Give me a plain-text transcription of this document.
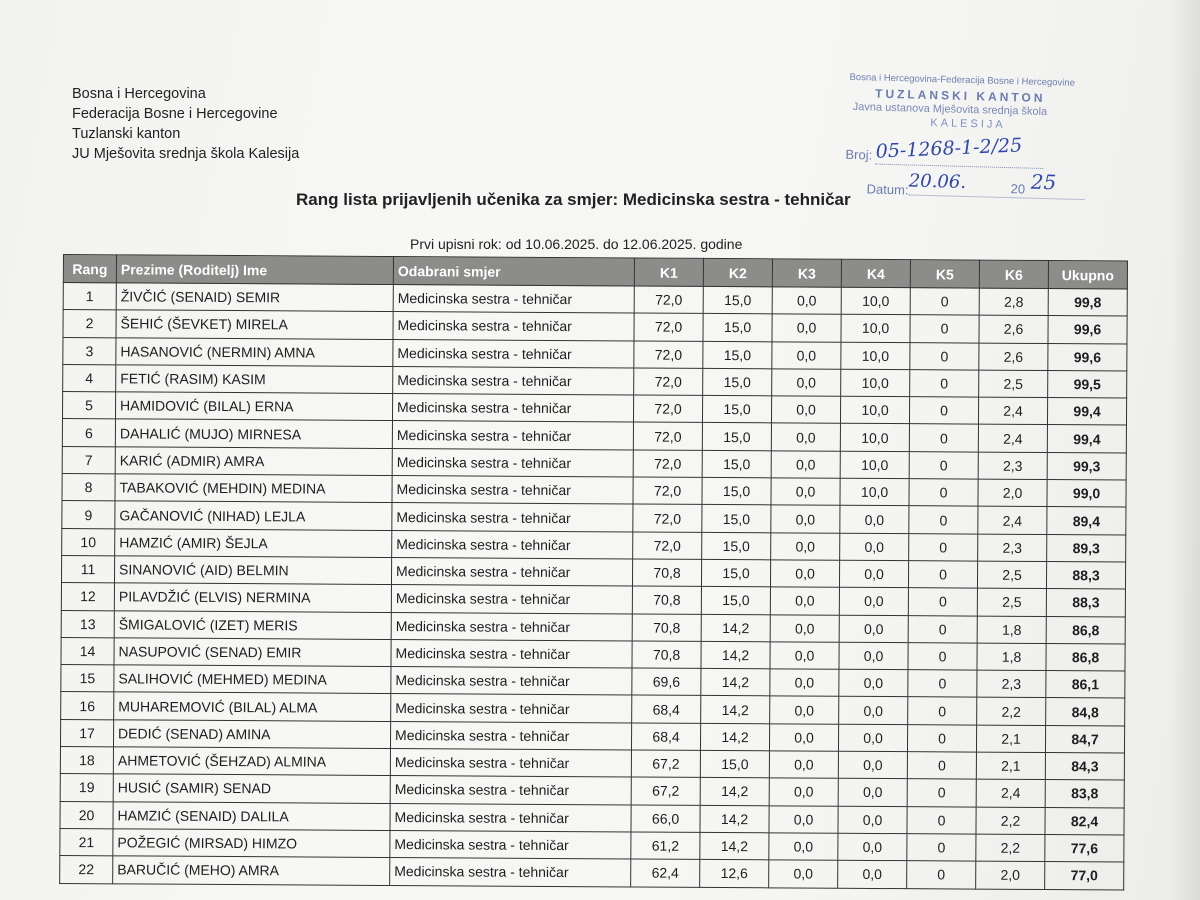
Bosna i Hercegovina
Federacija Bosne i Hercegovine
Tuzlanski kanton
JU Mješovita srednja škola Kalesija
Bosna i Hercegovina-Federacija Bosne i Hercegovine
TUZLANSKI KANTON
Javna ustanova Mješovita srednja škola
KALESIJA
Broj: 05-1268-1-2/25
Datum: 20.06.	20 25
Rang lista prijavljenih učenika za smjer: Medicinska sestra - tehničar
Prvi upisni rok: od 10.06.2025. do 12.06.2025. godine
Rang	Prezime (Roditelj) Ime	Odabrani smjer	K1	K2	K3	K4	K5	K6	Ukupno
1	ŽIVČIĆ (SENAID) SEMIR	Medicinska sestra - tehničar	72,0	15,0	0,0	10,0	0	2,8	99,8
2	ŠEHIĆ (ŠEVKET) MIRELA	Medicinska sestra - tehničar	72,0	15,0	0,0	10,0	0	2,6	99,6
3	HASANOVIĆ (NERMIN) AMNA	Medicinska sestra - tehničar	72,0	15,0	0,0	10,0	0	2,6	99,6
4	FETIĆ (RASIM) KASIM	Medicinska sestra - tehničar	72,0	15,0	0,0	10,0	0	2,5	99,5
5	HAMIDOVIĆ (BILAL) ERNA	Medicinska sestra - tehničar	72,0	15,0	0,0	10,0	0	2,4	99,4
6	DAHALIĆ (MUJO) MIRNESA	Medicinska sestra - tehničar	72,0	15,0	0,0	10,0	0	2,4	99,4
7	KARIĆ (ADMIR) AMRA	Medicinska sestra - tehničar	72,0	15,0	0,0	10,0	0	2,3	99,3
8	TABAKOVIĆ (MEHDIN) MEDINA	Medicinska sestra - tehničar	72,0	15,0	0,0	10,0	0	2,0	99,0
9	GAČANOVIĆ (NIHAD) LEJLA	Medicinska sestra - tehničar	72,0	15,0	0,0	0,0	0	2,4	89,4
10	HAMZIĆ (AMIR) ŠEJLA	Medicinska sestra - tehničar	72,0	15,0	0,0	0,0	0	2,3	89,3
11	SINANOVIĆ (AID) BELMIN	Medicinska sestra - tehničar	70,8	15,0	0,0	0,0	0	2,5	88,3
12	PILAVDŽIĆ (ELVIS) NERMINA	Medicinska sestra - tehničar	70,8	15,0	0,0	0,0	0	2,5	88,3
13	ŠMIGALOVIĆ (IZET) MERIS	Medicinska sestra - tehničar	70,8	14,2	0,0	0,0	0	1,8	86,8
14	NASUPOVIĆ (SENAD) EMIR	Medicinska sestra - tehničar	70,8	14,2	0,0	0,0	0	1,8	86,8
15	SALIHOVIĆ (MEHMED) MEDINA	Medicinska sestra - tehničar	69,6	14,2	0,0	0,0	0	2,3	86,1
16	MUHAREMOVIĆ (BILAL) ALMA	Medicinska sestra - tehničar	68,4	14,2	0,0	0,0	0	2,2	84,8
17	DEDIĆ (SENAD) AMINA	Medicinska sestra - tehničar	68,4	14,2	0,0	0,0	0	2,1	84,7
18	AHMETOVIĆ (ŠEHZAD) ALMINA	Medicinska sestra - tehničar	67,2	15,0	0,0	0,0	0	2,1	84,3
19	HUSIĆ (SAMIR) SENAD	Medicinska sestra - tehničar	67,2	14,2	0,0	0,0	0	2,4	83,8
20	HAMZIĆ (SENAID) DALILA	Medicinska sestra - tehničar	66,0	14,2	0,0	0,0	0	2,2	82,4
21	POŽEGIĆ (MIRSAD) HIMZO	Medicinska sestra - tehničar	61,2	14,2	0,0	0,0	0	2,2	77,6
22	BARUČIĆ (MEHO) AMRA	Medicinska sestra - tehničar	62,4	12,6	0,0	0,0	0	2,0	77,0
